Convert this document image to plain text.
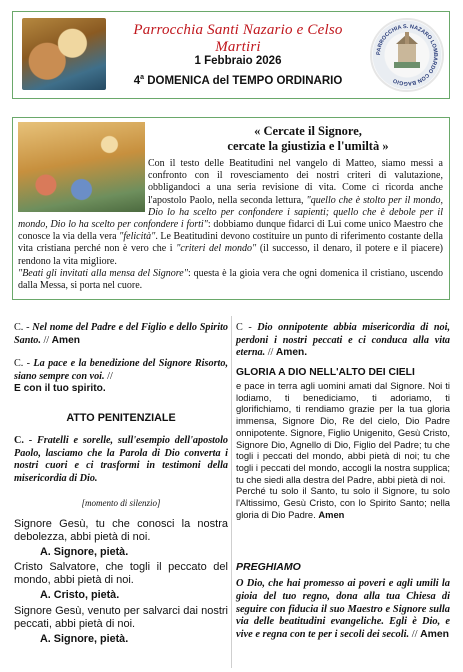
Parrocchia Santi Nazario e Celso Martiri
1 Febbraio 2026
4$^a$ DOMENICA del TEMPO ORDINARIO
PARROCCHIA S. NAZARO LOMBARDO CON BAGGIO
« Cercate il Signore,
cercate la giustizia e l'umiltà »
Con il testo delle Beatitudini nel vangelo di Matteo, siamo messi a confronto con il rovesciamento dei nostri criteri di valutazione, obbligandoci a una seria revisione di vita. Come ci ricorda anche l'apostolo Paolo, nella seconda lettura, "quello che è stolto per il mondo, Dio lo ha scelto per confondere i sapienti; quello che è debole per il mondo, Dio lo ha scelto per confondere i forti": dobbiamo dunque fidarci di Lui come unico Maestro che conosce la via della vera "felicità". Le Beatitudini devono costituire un punto di riferimento costante della vita cristiana perché non è vero che i "criteri del mondo" (il successo, il denaro, il potere e il piacere) rendono la vita migliore.
"Beati gli invitati alla mensa del Signore": questa è la gioia vera che ogni domenica il cristiano, uscendo dalla Messa, si porta nel cuore.
C. - Nel nome del Padre e del Figlio e dello Spirito Santo. // Amen
C. - La pace e la benedizione del Signore Risorto, siano sempre con voi. //
E con il tuo spirito.
ATTO PENITENZIALE
C. - Fratelli e sorelle, sull'esempio dell'apostolo Paolo, lasciamo che la Parola di Dio converta i nostri cuori e ci trasformi in testimoni della misericordia di Dio.
[momento di silenzio]
Signore Gesù, tu che conosci la nostra debolezza, abbi pietà di noi.
A. Signore, pietà.
Cristo Salvatore, che togli il peccato del mondo, abbi pietà di noi.
A. Cristo, pietà.
Signore Gesù, venuto per salvarci dai nostri peccati, abbi pietà di noi.
A. Signore, pietà.
C - Dio onnipotente abbia misericordia di noi, perdoni i nostri peccati e ci conduca alla vita eterna. // Amen.
GLORIA A DIO NELL'ALTO DEI CIELI
e pace in terra agli uomini amati dal Signore. Noi ti lodiamo, ti benediciamo, ti adoriamo, ti glorifichiamo, ti rendiamo grazie per la tua gloria immensa, Signore Dio, Re del cielo, Dio Padre onnipotente. Signore, Figlio Unigenito, Gesù Cristo, Signore Dio, Agnello di Dio, Figlio del Padre; tu che togli i peccati del mondo, abbi pietà di noi; tu che togli i peccati del mondo, accogli la nostra supplica; tu che siedi alla destra del Padre, abbi pietà di noi.
Perché tu solo il Santo, tu solo il Signore, tu solo l'Altissimo, Gesù Cristo, con lo Spirito Santo; nella gloria di Dio Padre. Amen
PREGHIAMO
O Dio, che hai promesso ai poveri e agli umili la gioia del tuo regno, dona alla tua Chiesa di seguire con fiducia il suo Maestro e Signore sulla via delle beatitudini evangeliche. Egli è Dio, e vive e regna con te per i secoli dei secoli. // Amen
